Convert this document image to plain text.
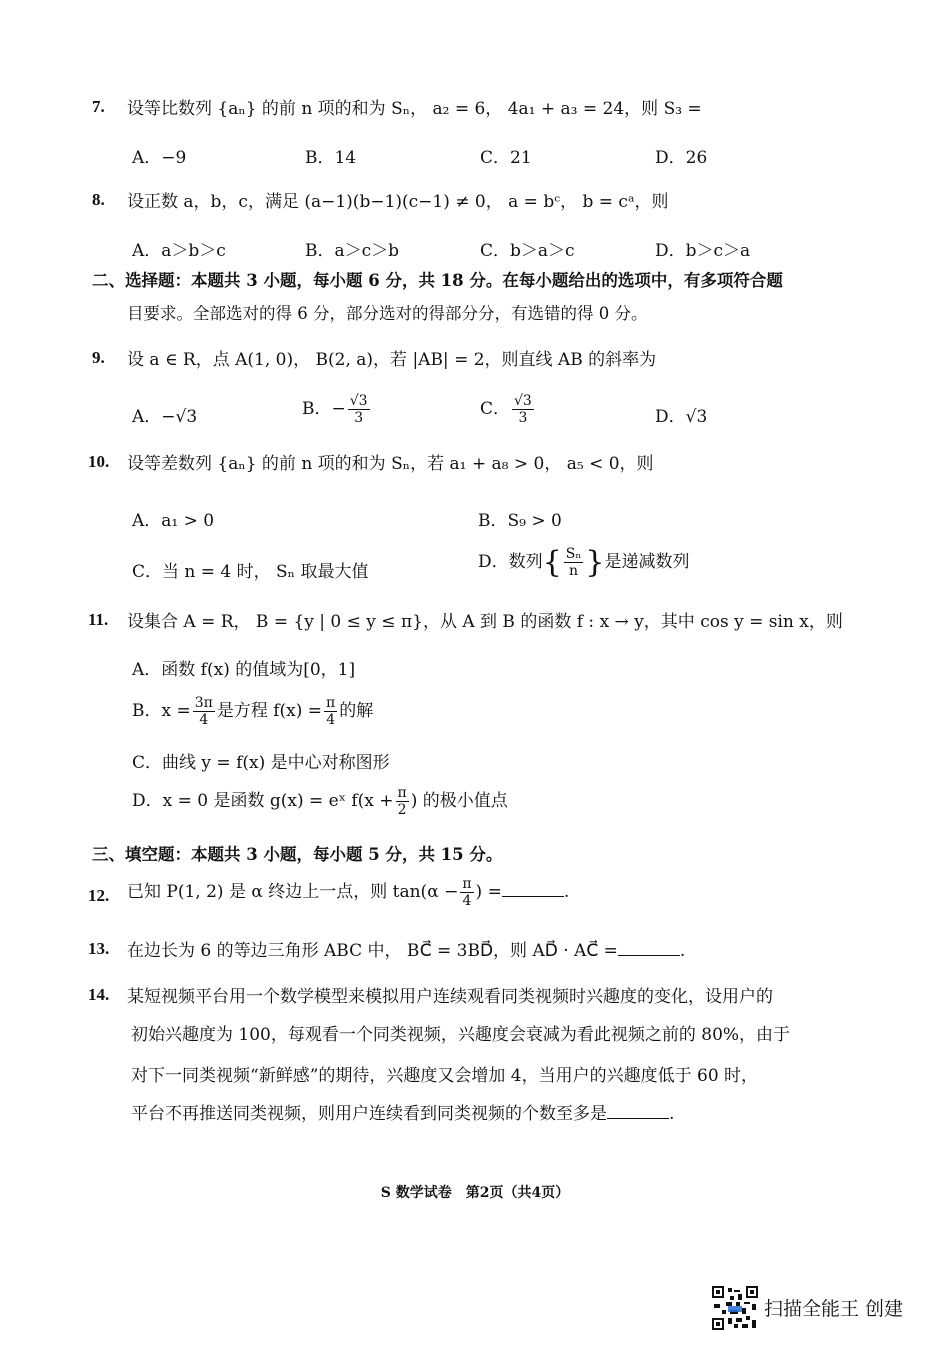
7. 设等比数列 {aₙ} 的前 n 项的和为 Sₙ， a₂ = 6， 4a₁ + a₃ = 24，则 S₃ =
A．−9	B．14	C．21	D．26
8. 设正数 a，b，c，满足 (a−1)(b−1)(c−1) ≠ 0， a = bᶜ， b = cᵃ，则
A．a＞b＞c	B．a＞c＞b	C．b＞a＞c	D．b＞c＞a
二、选择题：本题共 3 小题，每小题 6 分，共 18 分。在每小题给出的选项中，有多项符合题
目要求。全部选对的得 6 分，部分选对的得部分分，有选错的得 0 分。
9. 设 a ∈ R，点 A(1, 0)， B(2, a)，若 |AB| = 2，则直线 AB 的斜率为
A．−√3	B．− $\frac{√3}{3}$	C． $\frac{√3}{3}$	D．√3
10. 设等差数列 {aₙ} 的前 n 项的和为 Sₙ，若 a₁ + a₈ > 0， a₅ < 0，则
A．a₁ > 0	B．S₉ > 0
C．当 n = 4 时， Sₙ 取最大值	D．数列{ $\frac{\text{Sₙ}}{n}$ }是递减数列
11. 设集合 A = R， B = {y | 0 ≤ y ≤ π}，从 A 到 B 的函数 f : x → y，其中 cos y = sin x，则
A．函数 f(x) 的值域为[0，1]
B．$x = \frac{3\pi}{4}$ 是方程 $f(x) = \frac{\pi}{4}$ 的解
C．曲线 y = f(x) 是中心对称图形
D．x = 0 是函数 g(x) = eˣ $f(x + \frac{\pi}{2}$ ) 的极小值点
三、填空题：本题共 3 小题，每小题 5 分，共 15 分。
12. 已知 P(1, 2) 是 α 终边上一点，则 $\tan(\alpha - \frac{\pi}{4}$ ) =	.
13. 在边长为 6 的等边三角形 ABC 中， BC⃗ = 3BD⃗，则 AD⃗ · AC⃗ =	.
14. 某短视频平台用一个数学模型来模拟用户连续观看同类视频时兴趣度的变化，设用户的
初始兴趣度为 100，每观看一个同类视频，兴趣度会衰减为看此视频之前的 80%，由于
对下一同类视频“新鲜感”的期待，兴趣度又会增加 4，当用户的兴趣度低于 60 时，
平台不再推送同类视频，则用户连续看到同类视频的个数至多是	.
S 数学试卷　第2页（共4页）
扫描全能王 创建
